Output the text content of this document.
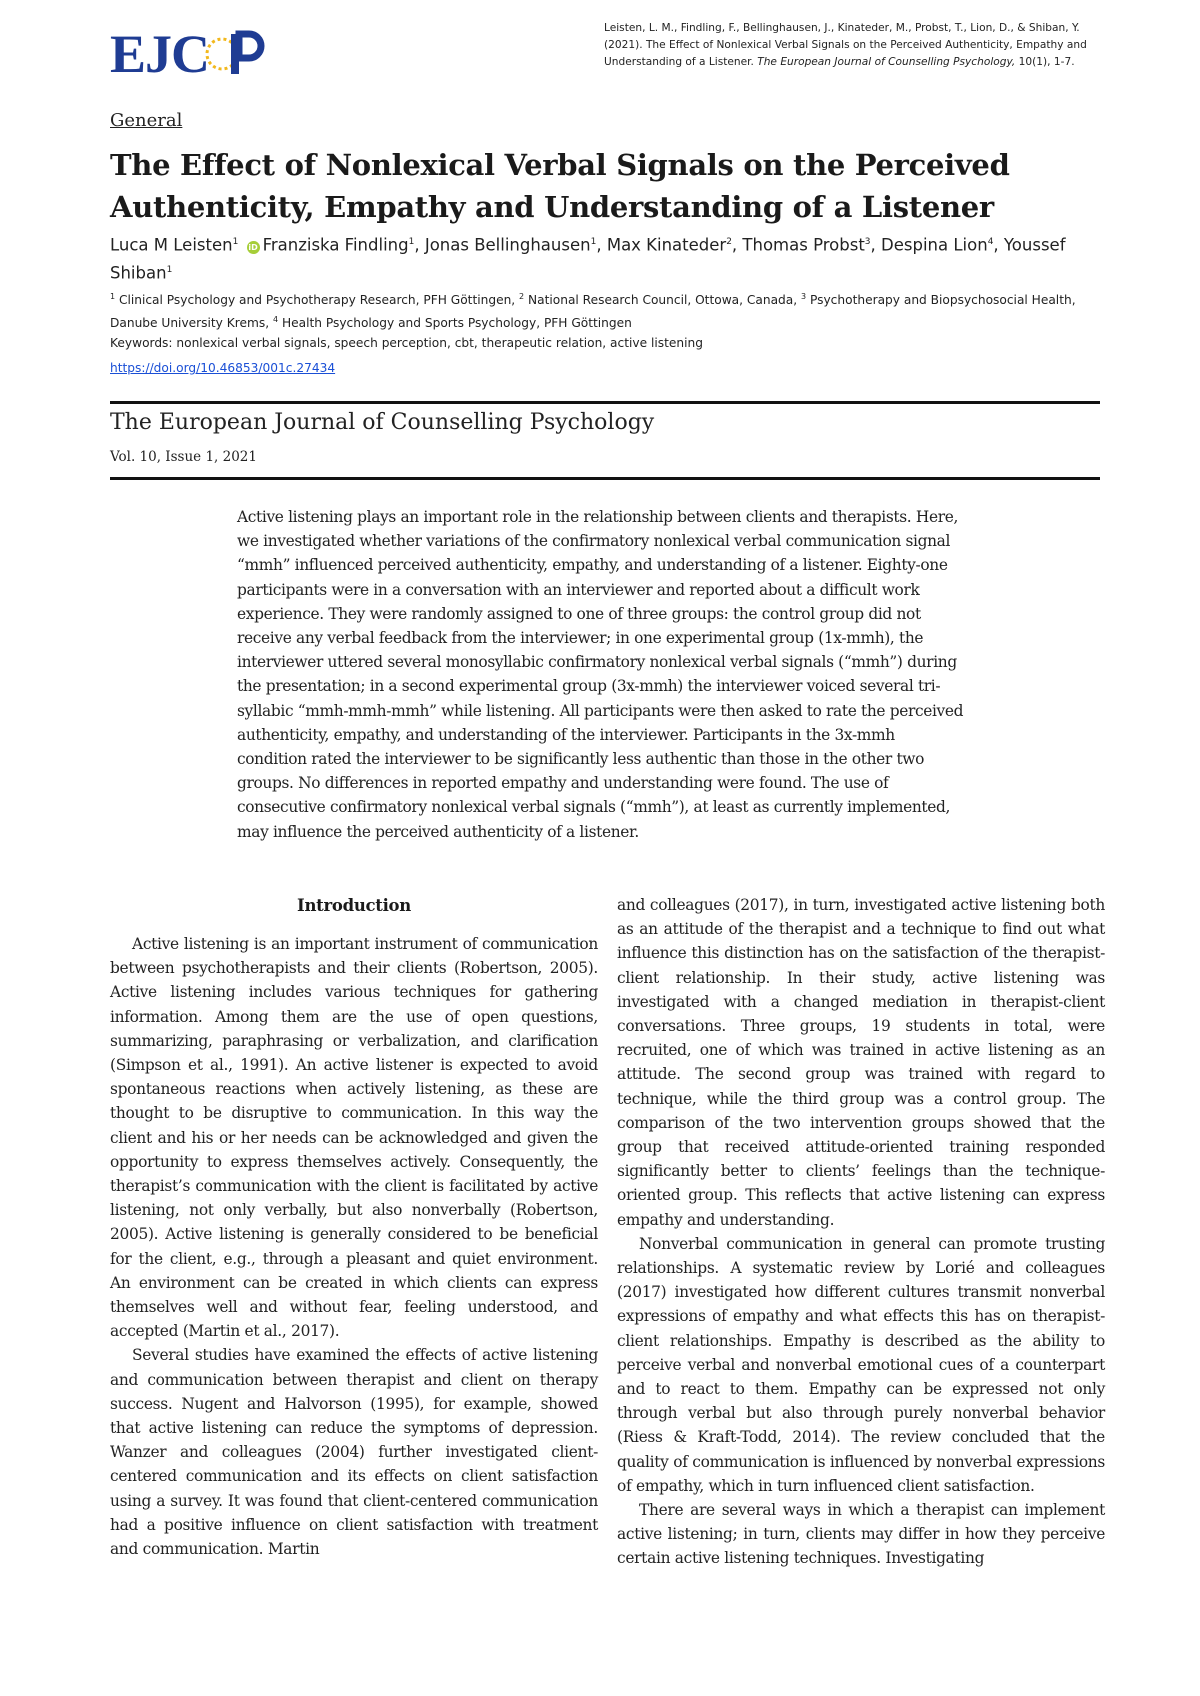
EJC	Leisten, L. M., Findling, F., Bellinghausen, J., Kinateder, M., Probst, T., Lion, D., & Shiban, Y. (2021). The Effect of Nonlexical Verbal Signals on the Perceived Authenticity, Empathy and Understanding of a Listener. The European Journal of Counselling Psychology, 10(1), 1-7.
General
The Effect of Nonlexical Verbal Signals on the Perceived Authenticity, Empathy and Understanding of a Listener
Luca M Leisten$^1$ iD Franziska Findling$^1$, Jonas Bellinghausen$^1$, Max Kinateder$^2$, Thomas Probst$^3$, Despina Lion$^4$, Youssef Shiban$^1$
$^1$ Clinical Psychology and Psychotherapy Research, PFH Göttingen, $^2$ National Research Council, Ottowa, Canada, $^3$ Psychotherapy and Biopsychosocial Health, Danube University Krems, $^4$ Health Psychology and Sports Psychology, PFH Göttingen
Keywords: nonlexical verbal signals, speech perception, cbt, therapeutic relation, active listening
https://doi.org/10.46853/001c.27434
The European Journal of Counselling Psychology
Vol. 10, Issue 1, 2021

Active listening plays an important role in the relationship between clients and therapists. Here, we investigated whether variations of the confirmatory nonlexical verbal communication signal “mmh” influenced perceived authenticity, empathy, and understanding of a listener. Eighty-one participants were in a conversation with an interviewer and reported about a difficult work experience. They were randomly assigned to one of three groups: the control group did not receive any verbal feedback from the interviewer; in one experimental group (1x-mmh), the interviewer uttered several monosyllabic confirmatory nonlexical verbal signals (“mmh”) during the presentation; in a second experimental group (3x-mmh) the interviewer voiced several tri-syllabic “mmh-mmh-mmh” while listening. All participants were then asked to rate the perceived authenticity, empathy, and understanding of the interviewer. Participants in the 3x-mmh condition rated the interviewer to be significantly less authentic than those in the other two groups. No differences in reported empathy and understanding were found. The use of consecutive confirmatory nonlexical verbal signals (“mmh”), at least as currently implemented, may influence the perceived authenticity of a listener.

Introduction

Active listening is an important instrument of communication between psychotherapists and their clients (Robertson, 2005). Active listening includes various techniques for gathering information. Among them are the use of open questions, summarizing, paraphrasing or verbalization, and clarification (Simpson et al., 1991). An active listener is expected to avoid spontaneous reactions when actively listening, as these are thought to be disruptive to communication. In this way the client and his or her needs can be acknowledged and given the opportunity to express themselves actively. Consequently, the therapist’s communication with the client is facilitated by active listening, not only verbally, but also nonverbally (Robertson, 2005). Active listening is generally considered to be beneficial for the client, e.g., through a pleasant and quiet environment. An environment can be created in which clients can express themselves well and without fear, feeling understood, and accepted (Martin et al., 2017).

Several studies have examined the effects of active listening and communication between therapist and client on therapy success. Nugent and Halvorson (1995), for example, showed that active listening can reduce the symptoms of depression. Wanzer and colleagues (2004) further investigated client-centered communication and its effects on client satisfaction using a survey. It was found that client-centered communication had a positive influence on client satisfaction with treatment and communication. Martin

and colleagues (2017), in turn, investigated active listening both as an attitude of the therapist and a technique to find out what influence this distinction has on the satisfaction of the therapist-client relationship. In their study, active listening was investigated with a changed mediation in therapist-client conversations. Three groups, 19 students in total, were recruited, one of which was trained in active listening as an attitude. The second group was trained with regard to technique, while the third group was a control group. The comparison of the two intervention groups showed that the group that received attitude-oriented training responded significantly better to clients’ feelings than the technique-oriented group. This reflects that active listening can express empathy and understanding.

Nonverbal communication in general can promote trusting relationships. A systematic review by Lorié and colleagues (2017) investigated how different cultures transmit nonverbal expressions of empathy and what effects this has on therapist-client relationships. Empathy is described as the ability to perceive verbal and nonverbal emotional cues of a counterpart and to react to them. Empathy can be expressed not only through verbal but also through purely nonverbal behavior (Riess & Kraft-Todd, 2014). The review concluded that the quality of communication is influenced by nonverbal expressions of empathy, which in turn influenced client satisfaction.

There are several ways in which a therapist can implement active listening; in turn, clients may differ in how they perceive certain active listening techniques. Investigating
